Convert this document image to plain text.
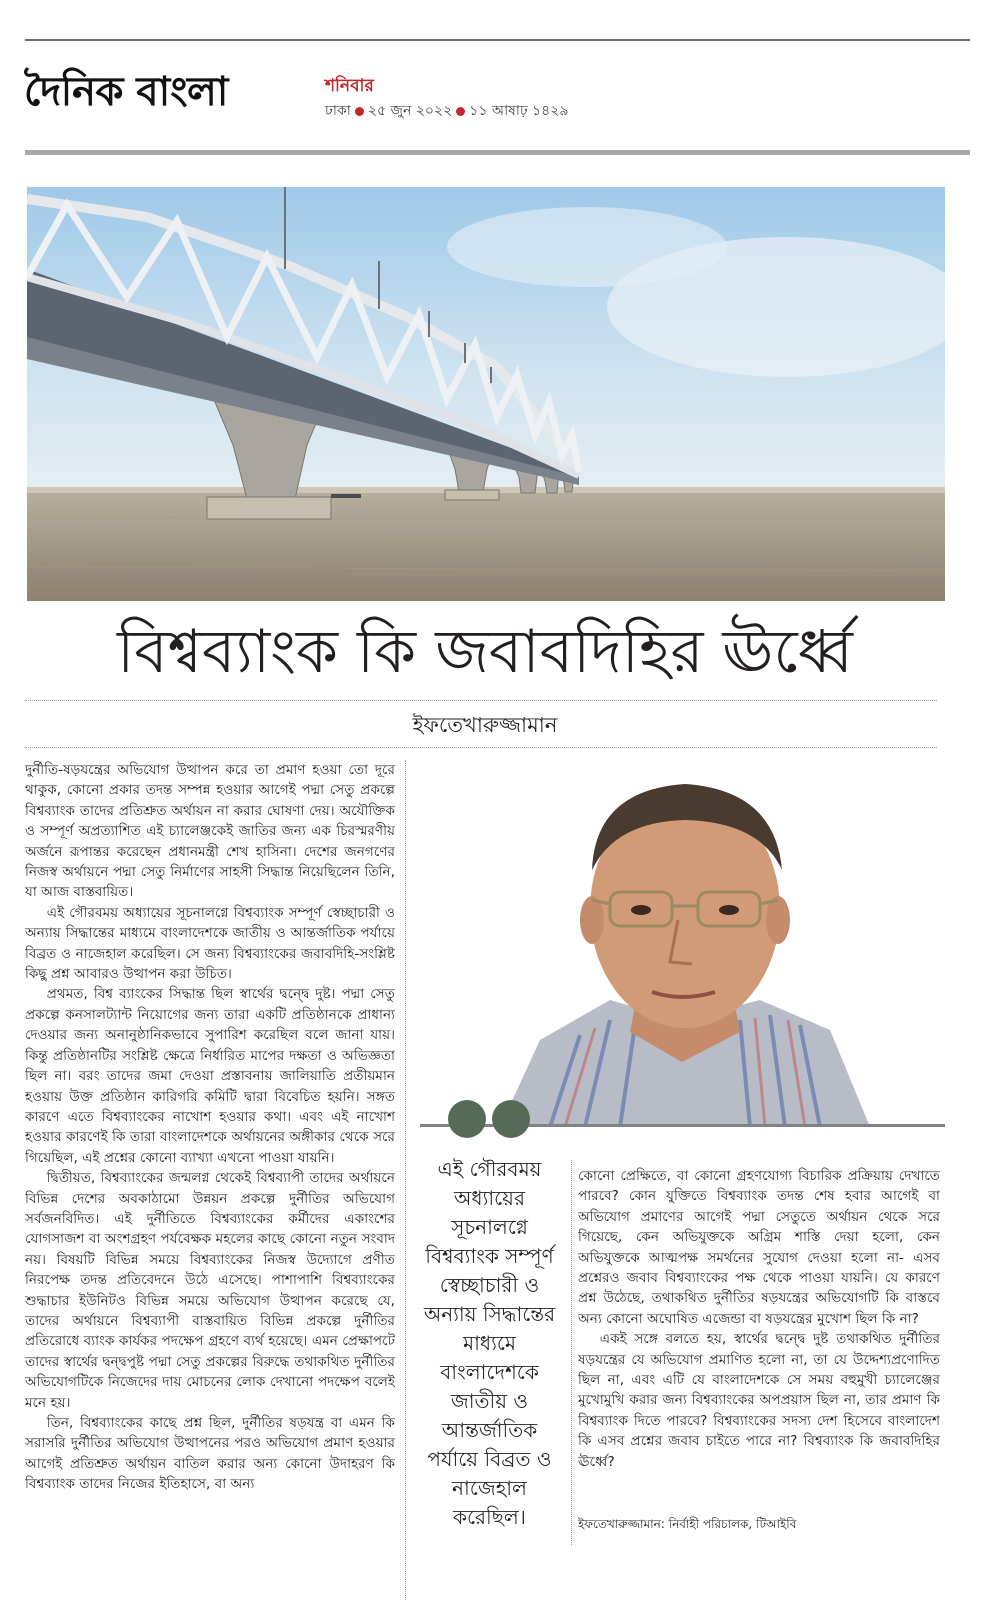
দৈনিক বাংলা	শনিবার
ঢাকা ২৫ জুন ২০২২ ১১ আষাঢ় ১৪২৯
বিশ্বব্যাংক কি জবাবদিহির ঊর্ধ্বে
ইফতেখারুজ্জামান

দুর্নীতি-ষড়যন্ত্রের অভিযোগ উত্থাপন করে তা প্রমাণ হওয়া তো দূরে থাকুক, কোনো প্রকার তদন্ত সম্পন্ন হওয়ার আগেই পদ্মা সেতু প্রকল্পে বিশ্বব্যাংক তাদের প্রতিশ্রুত অর্থায়ন না করার ঘোষণা দেয়। অযৌক্তিক ও সম্পূর্ণ অপ্রত্যাশিত এই চ্যালেঞ্জকেই জাতির জন্য এক চিরস্মরণীয় অর্জনে রূপান্তর করেছেন প্রধানমন্ত্রী শেখ হাসিনা। দেশের জনগণের নিজস্ব অর্থায়নে পদ্মা সেতু নির্মাণের সাহসী সিদ্ধান্ত নিয়েছিলেন তিনি, যা আজ বাস্তবায়িত।

এই গৌরবময় অধ্যায়ের সূচনালগ্নে বিশ্বব্যাংক সম্পূর্ণ স্বেচ্ছাচারী ও অন্যায় সিদ্ধান্তের মাধ্যমে বাংলাদেশকে জাতীয় ও আন্তর্জাতিক পর্যায়ে বিব্রত ও নাজেহাল করেছিল। সে জন্য বিশ্বব্যাংকের জবাবদিহি-সংশ্লিষ্ট কিছু প্রশ্ন আবারও উত্থাপন করা উচিত।

প্রথমত, বিশ্ব ব্যাংকের সিদ্ধান্ত ছিল স্বার্থের দ্বন্দ্বে দুষ্ট। পদ্মা সেতু প্রকল্পে কনসালট্যান্ট নিয়োগের জন্য তারা একটি প্রতিষ্ঠানকে প্রাধান্য দেওয়ার জন্য অনানুষ্ঠানিকভাবে সুপারিশ করেছিল বলে জানা যায়। কিন্তু প্রতিষ্ঠানটির সংশ্লিষ্ট ক্ষেত্রে নির্ধারিত মাপের দক্ষতা ও অভিজ্ঞতা ছিল না। বরং তাদের জমা দেওয়া প্রস্তাবনায় জালিয়াতি প্রতীয়মান হওয়ায় উক্ত প্রতিষ্ঠান কারিগরি কমিটি দ্বারা বিবেচিত হয়নি। সঙ্গত কারণে এতে বিশ্বব্যাংকের নাখোশ হওয়ার কথা। এবং এই নাখোশ হওয়ার কারণেই কি তারা বাংলাদেশকে অর্থায়নের অঙ্গীকার থেকে সরে গিয়েছিল, এই প্রশ্নের কোনো ব্যাখ্যা এখনো পাওয়া যায়নি।

দ্বিতীয়ত, বিশ্বব্যাংকের জন্মলগ্ন থেকেই বিশ্বব্যাপী তাদের অর্থায়নে বিভিন্ন দেশের অবকাঠামো উন্নয়ন প্রকল্পে দুর্নীতির অভিযোগ সর্বজনবিদিত। এই দুর্নীতিতে বিশ্বব্যাংকের কর্মীদের একাংশের যোগসাজশ বা অংশগ্রহণ পর্যবেক্ষক মহলের কাছে কোনো নতুন সংবাদ নয়। বিষয়টি বিভিন্ন সময়ে বিশ্বব্যাংকের নিজস্ব উদ্যোগে প্রণীত নিরপেক্ষ তদন্ত প্রতিবেদনে উঠে এসেছে। পাশাপাশি বিশ্বব্যাংকের শুদ্ধাচার ইউনিটও বিভিন্ন সময়ে অভিযোগ উত্থাপন করেছে যে, তাদের অর্থায়নে বিশ্বব্যাপী বাস্তবায়িত বিভিন্ন প্রকল্পে দুর্নীতির প্রতিরোধে ব্যাংক কার্যকর পদক্ষেপ গ্রহণে ব্যর্থ হয়েছে। এমন প্রেক্ষাপটে তাদের স্বার্থের দ্বন্দ্বপুষ্ট পদ্মা সেতু প্রকল্পের বিরুদ্ধে তথাকথিত দুর্নীতির অভিযোগটিকে নিজেদের দায় মোচনের লোক দেখানো পদক্ষেপ বলেই মনে হয়।

তিন, বিশ্বব্যাংকের কাছে প্রশ্ন ছিল, দুর্নীতির ষড়যন্ত্র বা এমন কি সরাসরি দুর্নীতির অভিযোগ উত্থাপনের পরও অভিযোগ প্রমাণ হওয়ার আগেই প্রতিশ্রুত অর্থায়ন বাতিল করার অন্য কোনো উদাহরণ কি বিশ্বব্যাংক তাদের নিজের ইতিহাসে, বা অন্য

এই গৌরবময় অধ্যায়ের সূচনালগ্নে বিশ্বব্যাংক সম্পূর্ণ স্বেচ্ছাচারী ও অন্যায় সিদ্ধান্তের মাধ্যমে বাংলাদেশকে জাতীয় ও আন্তর্জাতিক পর্যায়ে বিব্রত ও নাজেহাল করেছিল।

কোনো প্রেক্ষিতে, বা কোনো গ্রহণযোগ্য বিচারিক প্রক্রিয়ায় দেখাতে পারবে? কোন যুক্তিতে বিশ্বব্যাংক তদন্ত শেষ হবার আগেই বা অভিযোগ প্রমাণের আগেই পদ্মা সেতুতে অর্থায়ন থেকে সরে গিয়েছে, কেন অভিযুক্তকে অগ্রিম শাস্তি দেয়া হলো, কেন অভিযুক্তকে আত্মপক্ষ সমর্থনের সুযোগ দেওয়া হলো না- এসব প্রশ্নেরও জবাব বিশ্বব্যাংকের পক্ষ থেকে পাওয়া যায়নি। যে কারণে প্রশ্ন উঠেছে, তথাকথিত দুর্নীতির ষড়যন্ত্রের অভিযোগটি কি বাস্তবে অন্য কোনো অঘোষিত এজেন্ডা বা ষড়যন্ত্রের মুখোশ ছিল কি না?

একই সঙ্গে বলতে হয়, স্বার্থের দ্বন্দ্বে দুষ্ট তথাকথিত দুর্নীতির ষড়যন্ত্রের যে অভিযোগ প্রমাণিত হলো না, তা যে উদ্দেশ্যপ্রণোদিত ছিল না, এবং এটি যে বাংলাদেশকে সে সময় বহুমুখী চ্যালেঞ্জের মুখোমুখি করার জন্য বিশ্বব্যাংকের অপপ্রয়াস ছিল না, তার প্রমাণ কি বিশ্বব্যাংক দিতে পারবে? বিশ্বব্যাংকের সদস্য দেশ হিসেবে বাংলাদেশ কি এসব প্রশ্নের জবাব চাইতে পারে না? বিশ্বব্যাংক কি জবাবদিহির ঊর্ধ্বে?

ইফতেখারুজ্জামান: নির্বাহী পরিচালক, টিআইবি
